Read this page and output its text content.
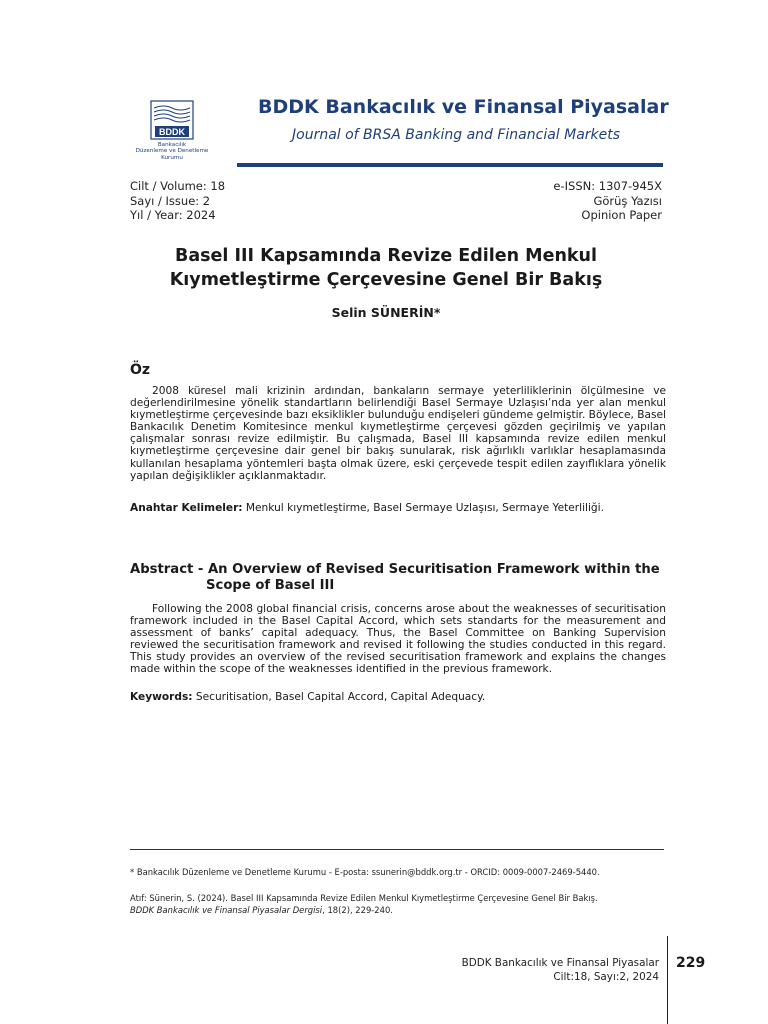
BDDK
Bankacılık
Düzenleme ve Denetleme
Kurumu
BDDK Bankacılık ve Finansal Piyasalar
Journal of BRSA Banking and Financial Markets
Cilt / Volume: 18
Sayı / Issue: 2
Yıl / Year: 2024
e-ISSN: 1307-945X
Görüş Yazısı
Opinion Paper
Basel III Kapsamında Revize Edilen Menkul
Kıymetleştirme Çerçevesine Genel Bir Bakış
Selin SÜNERİN*
Öz
2008 küresel mali krizinin ardından, bankaların sermaye yeterliliklerinin ölçülmesine ve değerlendirilmesine yönelik standartların belirlendiği Basel Sermaye Uzlaşısı’nda yer alan menkul kıymetleştirme çerçevesinde bazı eksiklikler bulunduğu endişeleri gündeme gelmiştir. Böylece, Basel Bankacılık Denetim Komitesince menkul kıymetleştirme çerçevesi gözden geçirilmiş ve yapılan çalışmalar sonrası revize edilmiştir. Bu çalışmada, Basel III kapsamında revize edilen menkul kıymetleştirme çerçevesine dair genel bir bakış sunularak, risk ağırlıklı varlıklar hesaplamasında kullanılan hesaplama yöntemleri başta olmak üzere, eski çerçevede tespit edilen zayıflıklara yönelik yapılan değişiklikler açıklanmaktadır.
Anahtar Kelimeler: Menkul kıymetleştirme, Basel Sermaye Uzlaşısı, Sermaye Yeterliliği.
Abstract - An Overview of Revised Securitisation Framework within the
Scope of Basel III
Following the 2008 global financial crisis, concerns arose about the weaknesses of securitisation framework included in the Basel Capital Accord, which sets standarts for the measurement and assessment of banks’ capital adequacy. Thus, the Basel Committee on Banking Supervision reviewed the securitisation framework and revised it following the studies conducted in this regard. This study provides an overview of the revised securitisation framework and explains the changes made within the scope of the weaknesses identified in the previous framework.
Keywords: Securitisation, Basel Capital Accord, Capital Adequacy.
* Bankacılık Düzenleme ve Denetleme Kurumu - E-posta: ssunerin@bddk.org.tr - ORCID: 0009-0007-2469-5440.
Atıf: Sünerin, S. (2024). Basel III Kapsamında Revize Edilen Menkul Kıymetleştirme Çerçevesine Genel Bir Bakış.
BDDK Bankacılık ve Finansal Piyasalar Dergisi, 18(2), 229-240.
BDDK Bankacılık ve Finansal Piyasalar
Cilt:18, Sayı:2, 2024
229
